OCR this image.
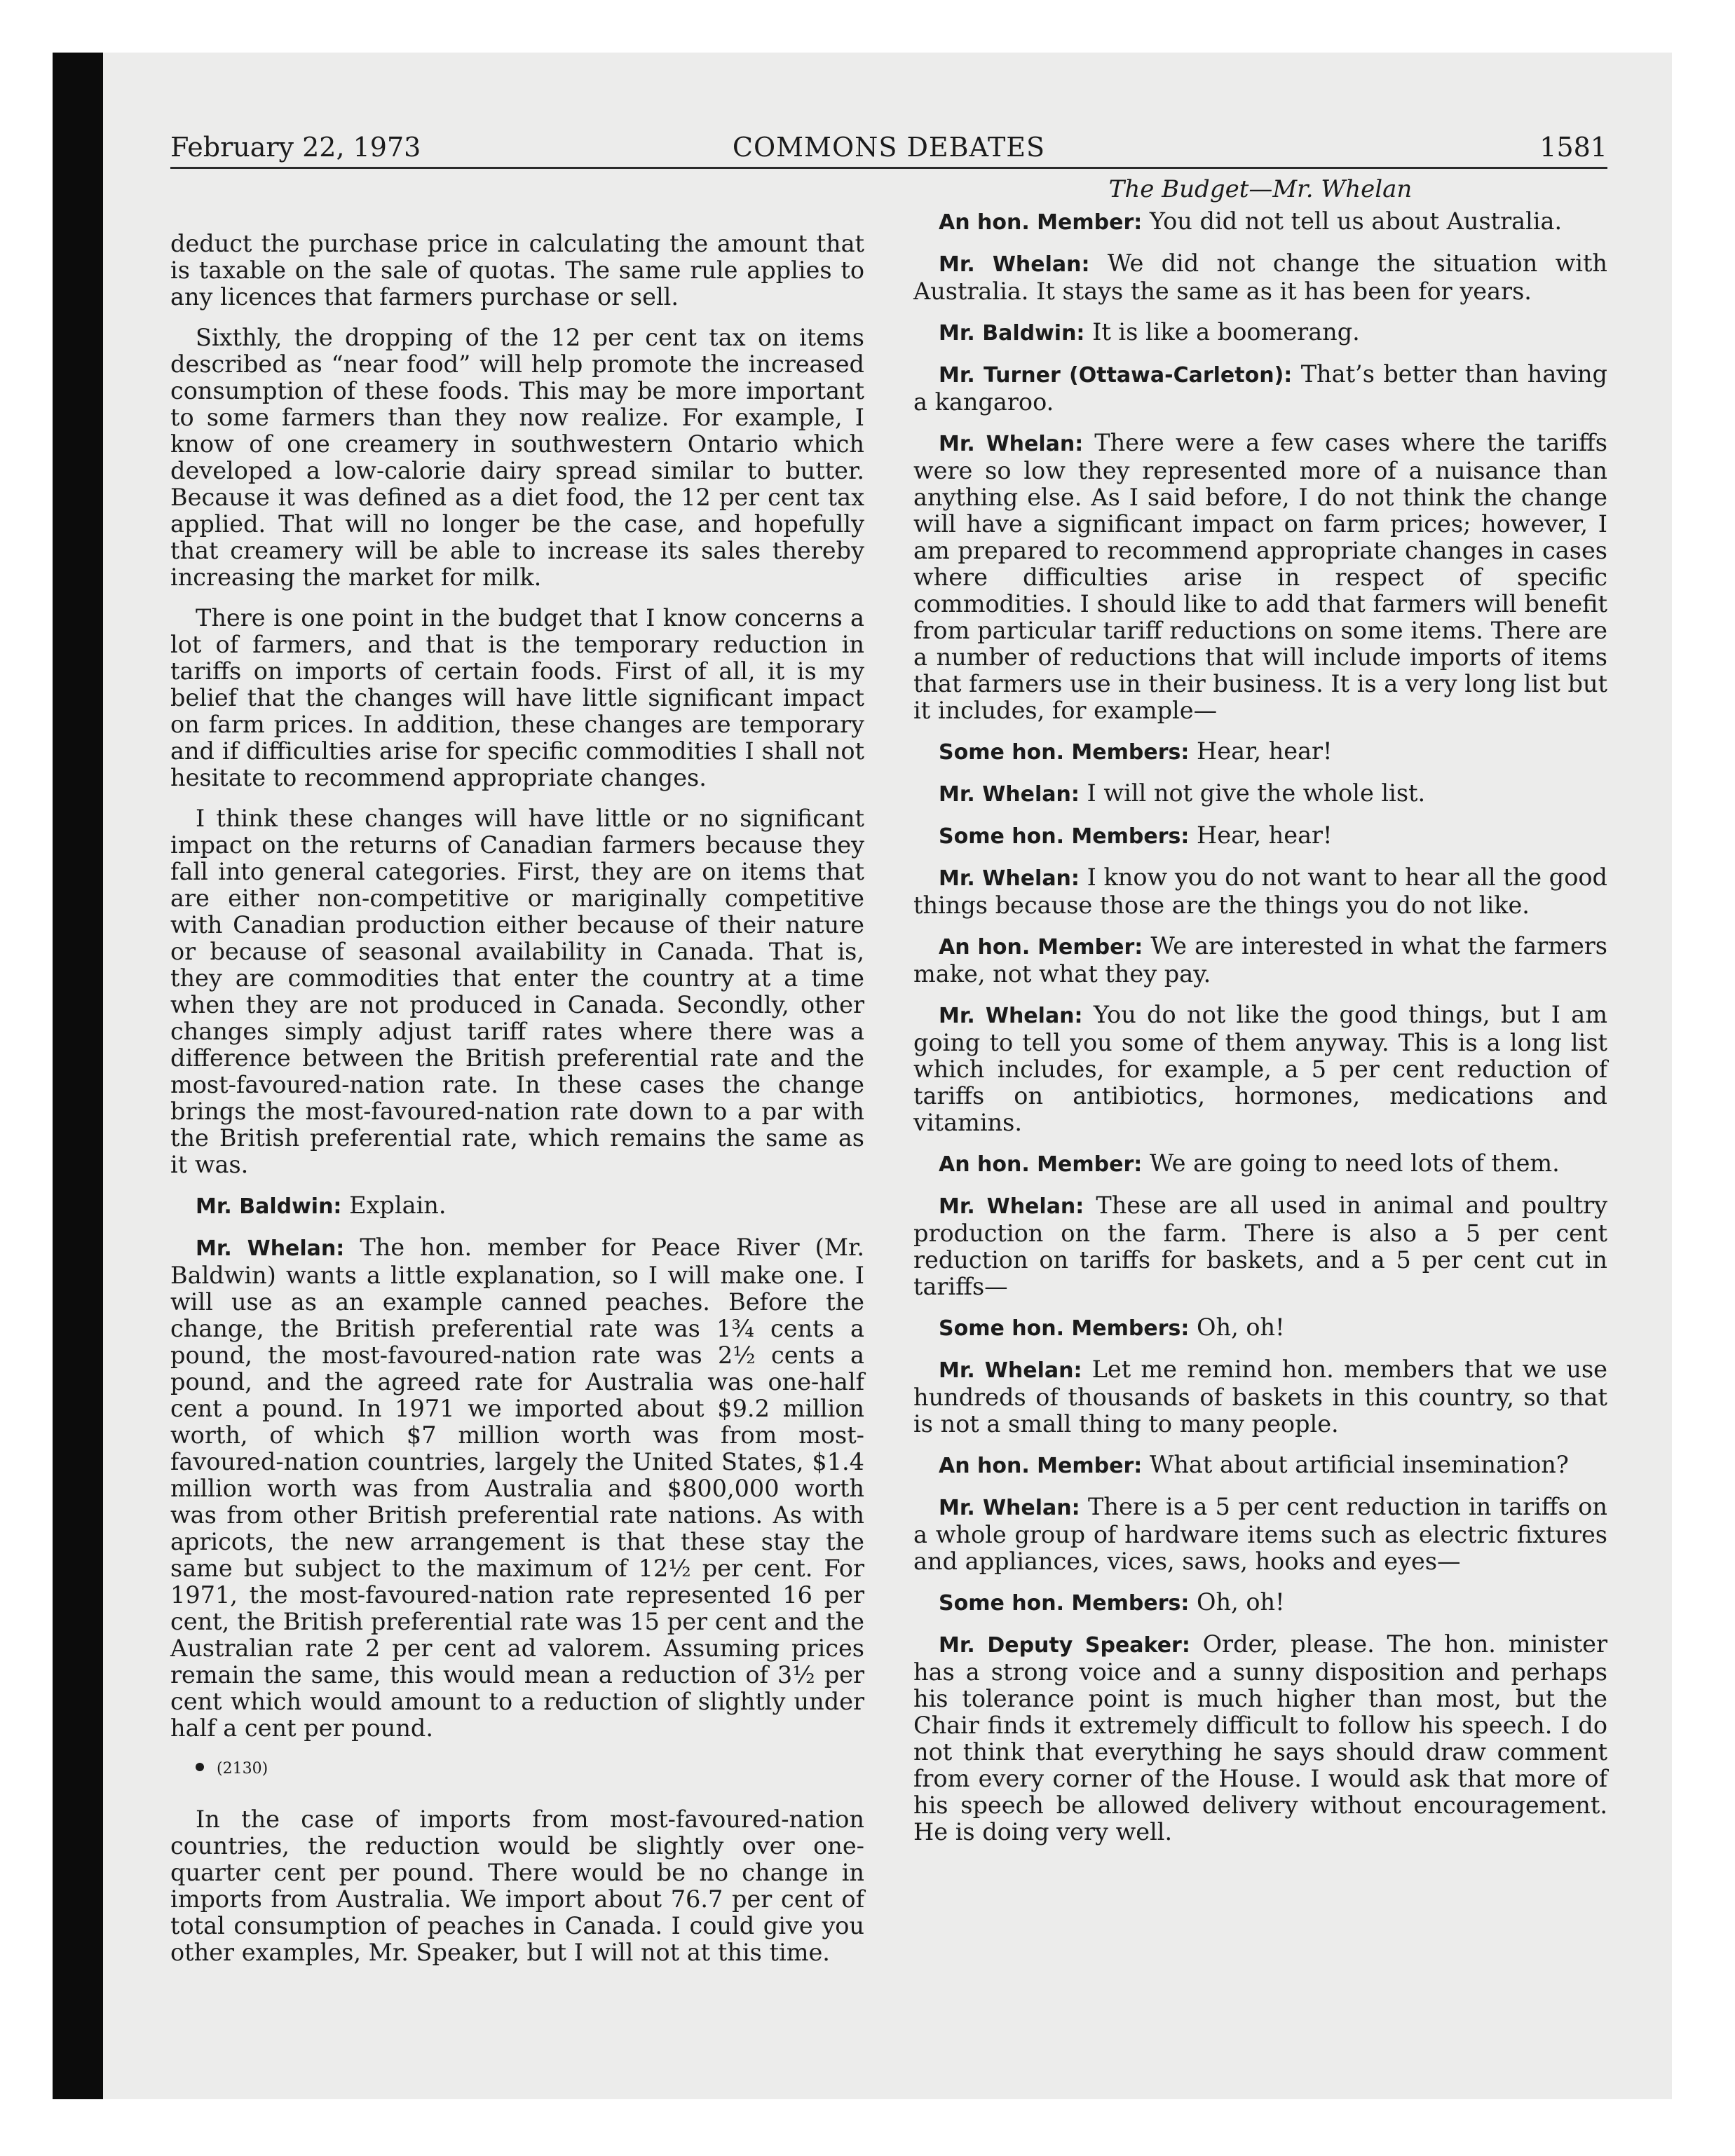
February 22, 1973	COMMONS DEBATES	1581

deduct the purchase price in calculating the amount that is taxable on the sale of quotas. The same rule applies to any licences that farmers purchase or sell.

Sixthly, the dropping of the 12 per cent tax on items described as “near food” will help promote the increased consumption of these foods. This may be more important to some farmers than they now realize. For example, I know of one creamery in southwestern Ontario which developed a low-calorie dairy spread similar to butter. Because it was defined as a diet food, the 12 per cent tax applied. That will no longer be the case, and hopefully that creamery will be able to increase its sales thereby increasing the market for milk.

There is one point in the budget that I know concerns a lot of farmers, and that is the temporary reduction in tariffs on imports of certain foods. First of all, it is my belief that the changes will have little significant impact on farm prices. In addition, these changes are temporary and if difficulties arise for specific commodities I shall not hesitate to recommend appropriate changes.

I think these changes will have little or no significant impact on the returns of Canadian farmers because they fall into general categories. First, they are on items that are either non-competitive or mariginally competitive with Canadian production either because of their nature or because of seasonal availability in Canada. That is, they are commodities that enter the country at a time when they are not produced in Canada. Secondly, other changes simply adjust tariff rates where there was a difference between the British preferential rate and the most-favoured-nation rate. In these cases the change brings the most-favoured-nation rate down to a par with the British preferential rate, which remains the same as it was.

Mr. Baldwin: Explain.

Mr. Whelan: The hon. member for Peace River (Mr. Baldwin) wants a little explanation, so I will make one. I will use as an example canned peaches. Before the change, the British preferential rate was 1¾ cents a pound, the most-favoured-nation rate was 2½ cents a pound, and the agreed rate for Australia was one-half cent a pound. In 1971 we imported about $9.2 million worth, of which $7 million worth was from most-favoured-nation countries, largely the United States, $1.4 million worth was from Australia and $800,000 worth was from other British preferential rate nations. As with apricots, the new arrangement is that these stay the same but subject to the maximum of 12½ per cent. For 1971, the most-favoured-nation rate represented 16 per cent, the British preferential rate was 15 per cent and the Australian rate 2 per cent ad valorem. Assuming prices remain the same, this would mean a reduction of 3½ per cent which would amount to a reduction of slightly under half a cent per pound.

(2130)

In the case of imports from most-favoured-nation countries, the reduction would be slightly over one-quarter cent per pound. There would be no change in imports from Australia. We import about 76.7 per cent of total consumption of peaches in Canada. I could give you other examples, Mr. Speaker, but I will not at this time.

The Budget—Mr. Whelan

An hon. Member: You did not tell us about Australia.

Mr. Whelan: We did not change the situation with Australia. It stays the same as it has been for years.

Mr. Baldwin: It is like a boomerang.

Mr. Turner (Ottawa-Carleton): That’s better than having a kangaroo.

Mr. Whelan: There were a few cases where the tariffs were so low they represented more of a nuisance than anything else. As I said before, I do not think the change will have a significant impact on farm prices; however, I am prepared to recommend appropriate changes in cases where difficulties arise in respect of specific commodities. I should like to add that farmers will benefit from particular tariff reductions on some items. There are a number of reductions that will include imports of items that farmers use in their business. It is a very long list but it includes, for example—

Some hon. Members: Hear, hear!

Mr. Whelan: I will not give the whole list.

Some hon. Members: Hear, hear!

Mr. Whelan: I know you do not want to hear all the good things because those are the things you do not like.

An hon. Member: We are interested in what the farmers make, not what they pay.

Mr. Whelan: You do not like the good things, but I am going to tell you some of them anyway. This is a long list which includes, for example, a 5 per cent reduction of tariffs on antibiotics, hormones, medications and vitamins.

An hon. Member: We are going to need lots of them.

Mr. Whelan: These are all used in animal and poultry production on the farm. There is also a 5 per cent reduction on tariffs for baskets, and a 5 per cent cut in tariffs—

Some hon. Members: Oh, oh!

Mr. Whelan: Let me remind hon. members that we use hundreds of thousands of baskets in this country, so that is not a small thing to many people.

An hon. Member: What about artificial insemination?

Mr. Whelan: There is a 5 per cent reduction in tariffs on a whole group of hardware items such as electric fixtures and appliances, vices, saws, hooks and eyes—

Some hon. Members: Oh, oh!

Mr. Deputy Speaker: Order, please. The hon. minister has a strong voice and a sunny disposition and perhaps his tolerance point is much higher than most, but the Chair finds it extremely difficult to follow his speech. I do not think that everything he says should draw comment from every corner of the House. I would ask that more of his speech be allowed delivery without encouragement. He is doing very well.
